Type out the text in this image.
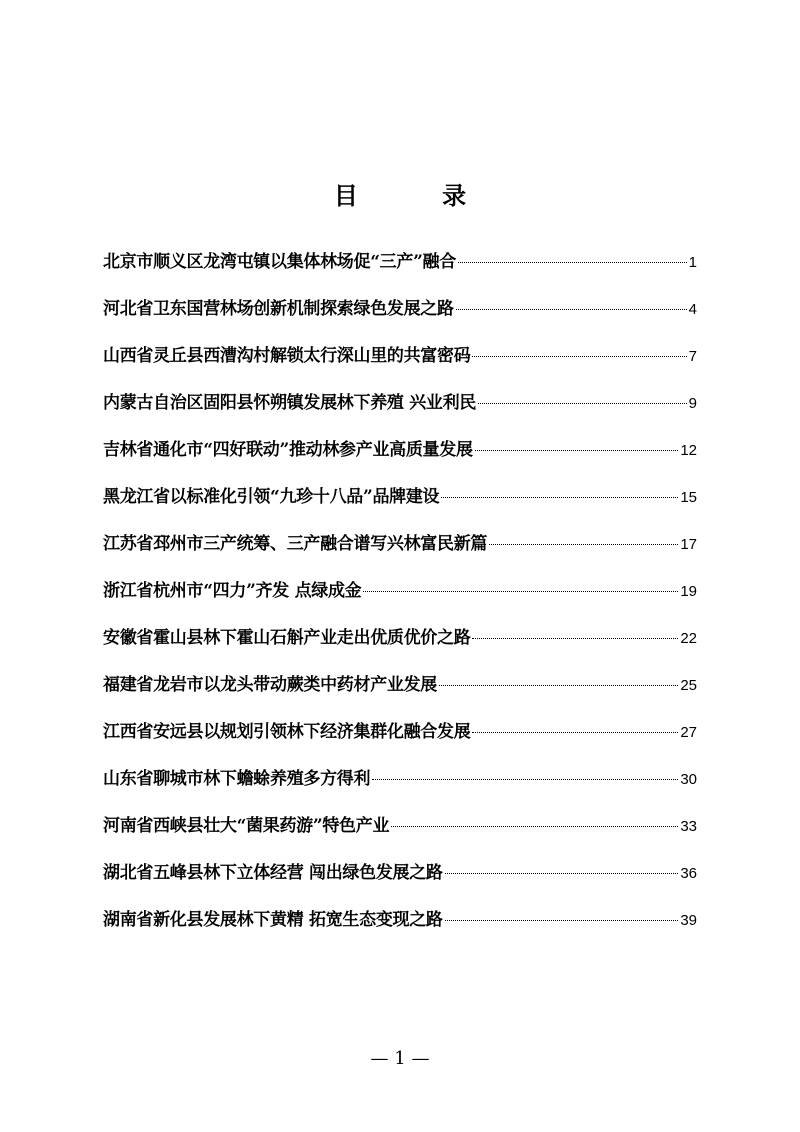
目 录
北京市顺义区龙湾屯镇以集体林场促“三产”融合	1
河北省卫东国营林场创新机制探索绿色发展之路	4
山西省灵丘县西漕沟村解锁太行深山里的共富密码	7
内蒙古自治区固阳县怀朔镇发展林下养殖 兴业利民	9
吉林省通化市“四好联动”推动林参产业高质量发展	12
黑龙江省以标准化引领“九珍十八品”品牌建设	15
江苏省邳州市三产统筹、三产融合谱写兴林富民新篇	17
浙江省杭州市“四力”齐发 点绿成金	19
安徽省霍山县林下霍山石斛产业走出优质优价之路	22
福建省龙岩市以龙头带动蕨类中药材产业发展	25
江西省安远县以规划引领林下经济集群化融合发展	27
山东省聊城市林下蟾蜍养殖多方得利	30
河南省西峡县壮大“菌果药游”特色产业	33
湖北省五峰县林下立体经营 闯出绿色发展之路	36
湖南省新化县发展林下黄精 拓宽生态变现之路	39
— 1 —
